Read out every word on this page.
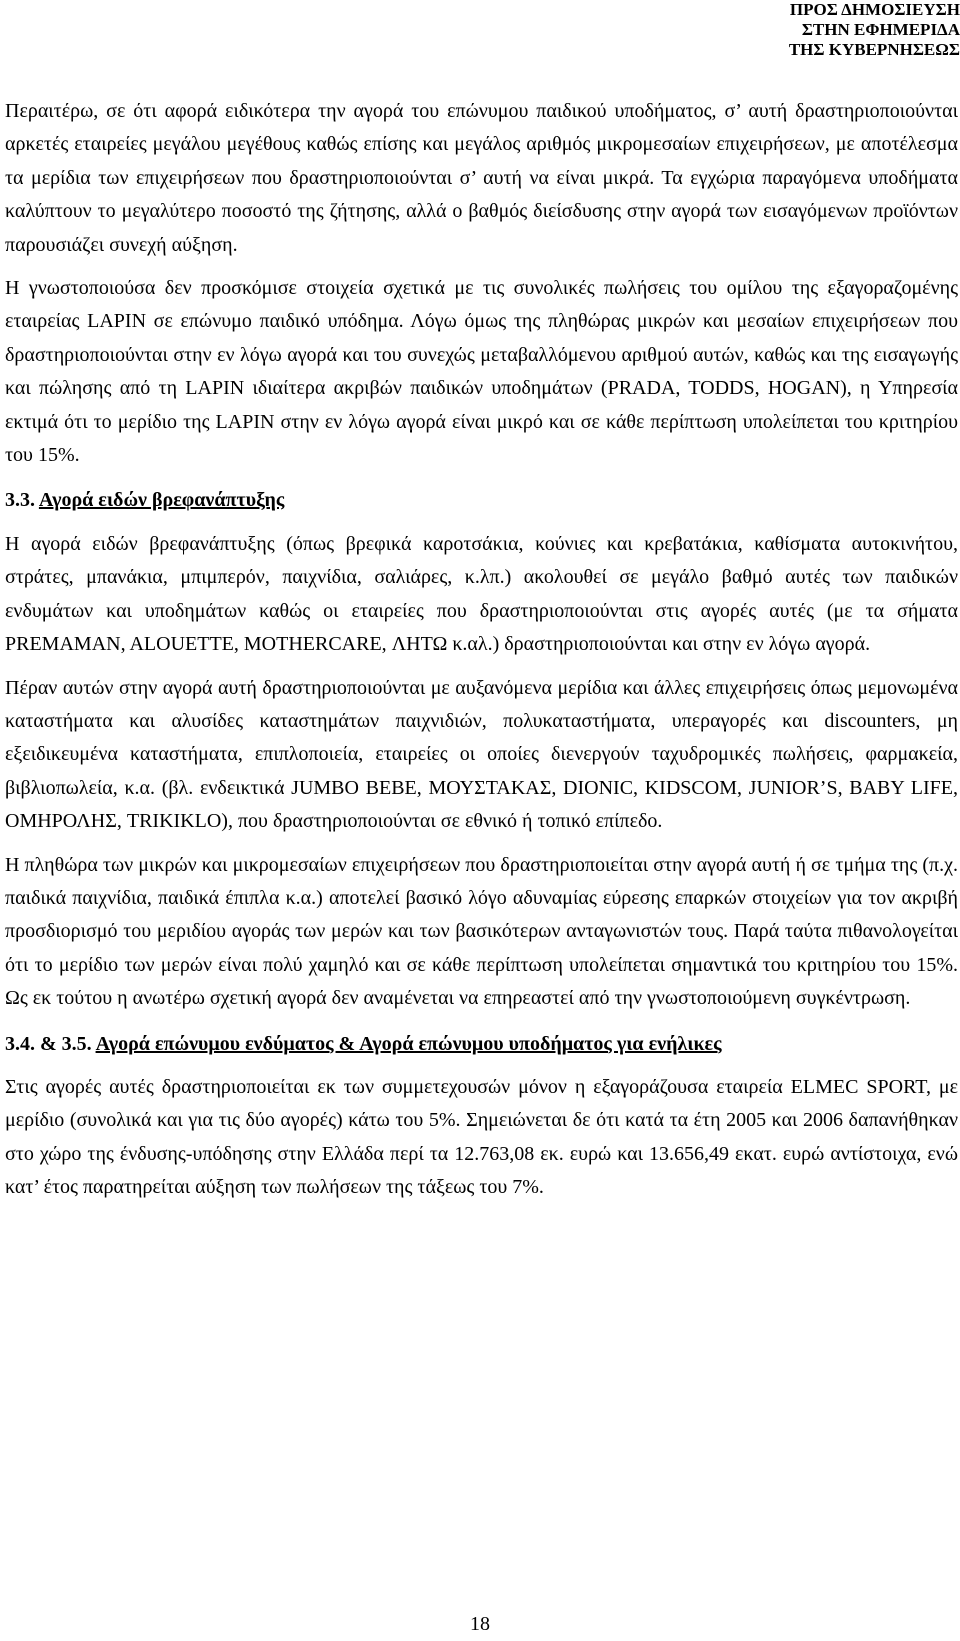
ΠΡΟΣ ΔΗΜΟΣΙΕΥΣΗ
ΣΤΗΝ ΕΦΗΜΕΡΙΔΑ
ΤΗΣ ΚΥΒΕΡΝΗΣΕΩΣ

Περαιτέρω, σε ότι αφορά ειδικότερα την αγορά του επώνυμου παιδικού υποδήματος, σ’ αυτή δραστηριοποιούνται αρκετές εταιρείες μεγάλου μεγέθους καθώς επίσης και μεγάλος αριθμός μικρομεσαίων επιχειρήσεων, με αποτέλεσμα τα μερίδια των επιχειρήσεων που δραστηριοποιούνται σ’ αυτή να είναι μικρά. Τα εγχώρια παραγόμενα υποδήματα καλύπτουν το μεγαλύτερο ποσοστό της ζήτησης, αλλά ο βαθμός διείσδυσης στην αγορά των εισαγόμενων προϊόντων παρουσιάζει συνεχή αύξηση.

Η γνωστοποιούσα δεν προσκόμισε στοιχεία σχετικά με τις συνολικές πωλήσεις του ομίλου της εξαγοραζομένης εταιρείας LAPIN σε επώνυμο παιδικό υπόδημα. Λόγω όμως της πληθώρας μικρών και μεσαίων επιχειρήσεων που δραστηριοποιούνται στην εν λόγω αγορά και του συνεχώς μεταβαλλόμενου αριθμού αυτών, καθώς και της εισαγωγής και πώλησης από τη LAPIN ιδιαίτερα ακριβών παιδικών υποδημάτων (PRADA, TODDS, HOGAN), η Υπηρεσία εκτιμά ότι το μερίδιο της LAPIN στην εν λόγω αγορά είναι μικρό και σε κάθε περίπτωση υπολείπεται του κριτηρίου του 15%.

3.3. Αγορά ειδών βρεφανάπτυξης

Η αγορά ειδών βρεφανάπτυξης (όπως βρεφικά καροτσάκια, κούνιες και κρεβατάκια, καθίσματα αυτοκινήτου, στράτες, μπανάκια, μπιμπερόν, παιχνίδια, σαλιάρες, κ.λπ.) ακολουθεί σε μεγάλο βαθμό αυτές των παιδικών ενδυμάτων και υποδημάτων καθώς οι εταιρείες που δραστηριοποιούνται στις αγορές αυτές (με τα σήματα PREMAMAN, ALOUETTE, MOTHERCARE, ΛΗΤΩ κ.αλ.) δραστηριοποιούνται και στην εν λόγω αγορά.

Πέραν αυτών στην αγορά αυτή δραστηριοποιούνται με αυξανόμενα μερίδια και άλλες επιχειρήσεις όπως μεμονωμένα καταστήματα και αλυσίδες καταστημάτων παιχνιδιών, πολυκαταστήματα, υπεραγορές και discounters, μη εξειδικευμένα καταστήματα, επιπλοποιεία, εταιρείες οι οποίες διενεργούν ταχυδρομικές πωλήσεις, φαρμακεία, βιβλιοπωλεία, κ.α. (βλ. ενδεικτικά JUMBO BEBE, ΜΟΥΣΤΑΚΑΣ, DIONIC, KIDSCOM, JUNIOR’S, BABY LIFE, ΟΜΗΡΟΛΗΣ, TRIKIKLO), που δραστηριοποιούνται σε εθνικό ή τοπικό επίπεδο.

Η πληθώρα των μικρών και μικρομεσαίων επιχειρήσεων που δραστηριοποιείται στην αγορά αυτή ή σε τμήμα της (π.χ. παιδικά παιχνίδια, παιδικά έπιπλα κ.α.) αποτελεί βασικό λόγο αδυναμίας εύρεσης επαρκών στοιχείων για τον ακριβή προσδιορισμό του μεριδίου αγοράς των μερών και των βασικότερων ανταγωνιστών τους. Παρά ταύτα πιθανολογείται ότι το μερίδιο των μερών είναι πολύ χαμηλό και σε κάθε περίπτωση υπολείπεται σημαντικά του κριτηρίου του 15%. Ως εκ τούτου η ανωτέρω σχετική αγορά δεν αναμένεται να επηρεαστεί από την γνωστοποιούμενη συγκέντρωση.

3.4. & 3.5. Αγορά επώνυμου ενδύματος & Αγορά επώνυμου υποδήματος για ενήλικες

Στις αγορές αυτές δραστηριοποιείται εκ των συμμετεχουσών μόνον η εξαγοράζουσα εταιρεία ELMEC SPORT, με μερίδιο (συνολικά και για τις δύο αγορές) κάτω του 5%. Σημειώνεται δε ότι κατά τα έτη 2005 και 2006 δαπανήθηκαν στο χώρο της ένδυσης-υπόδησης στην Ελλάδα περί τα 12.763,08 εκ. ευρώ και 13.656,49 εκατ. ευρώ αντίστοιχα, ενώ κατ’ έτος παρατηρείται αύξηση των πωλήσεων της τάξεως του 7%.

18
